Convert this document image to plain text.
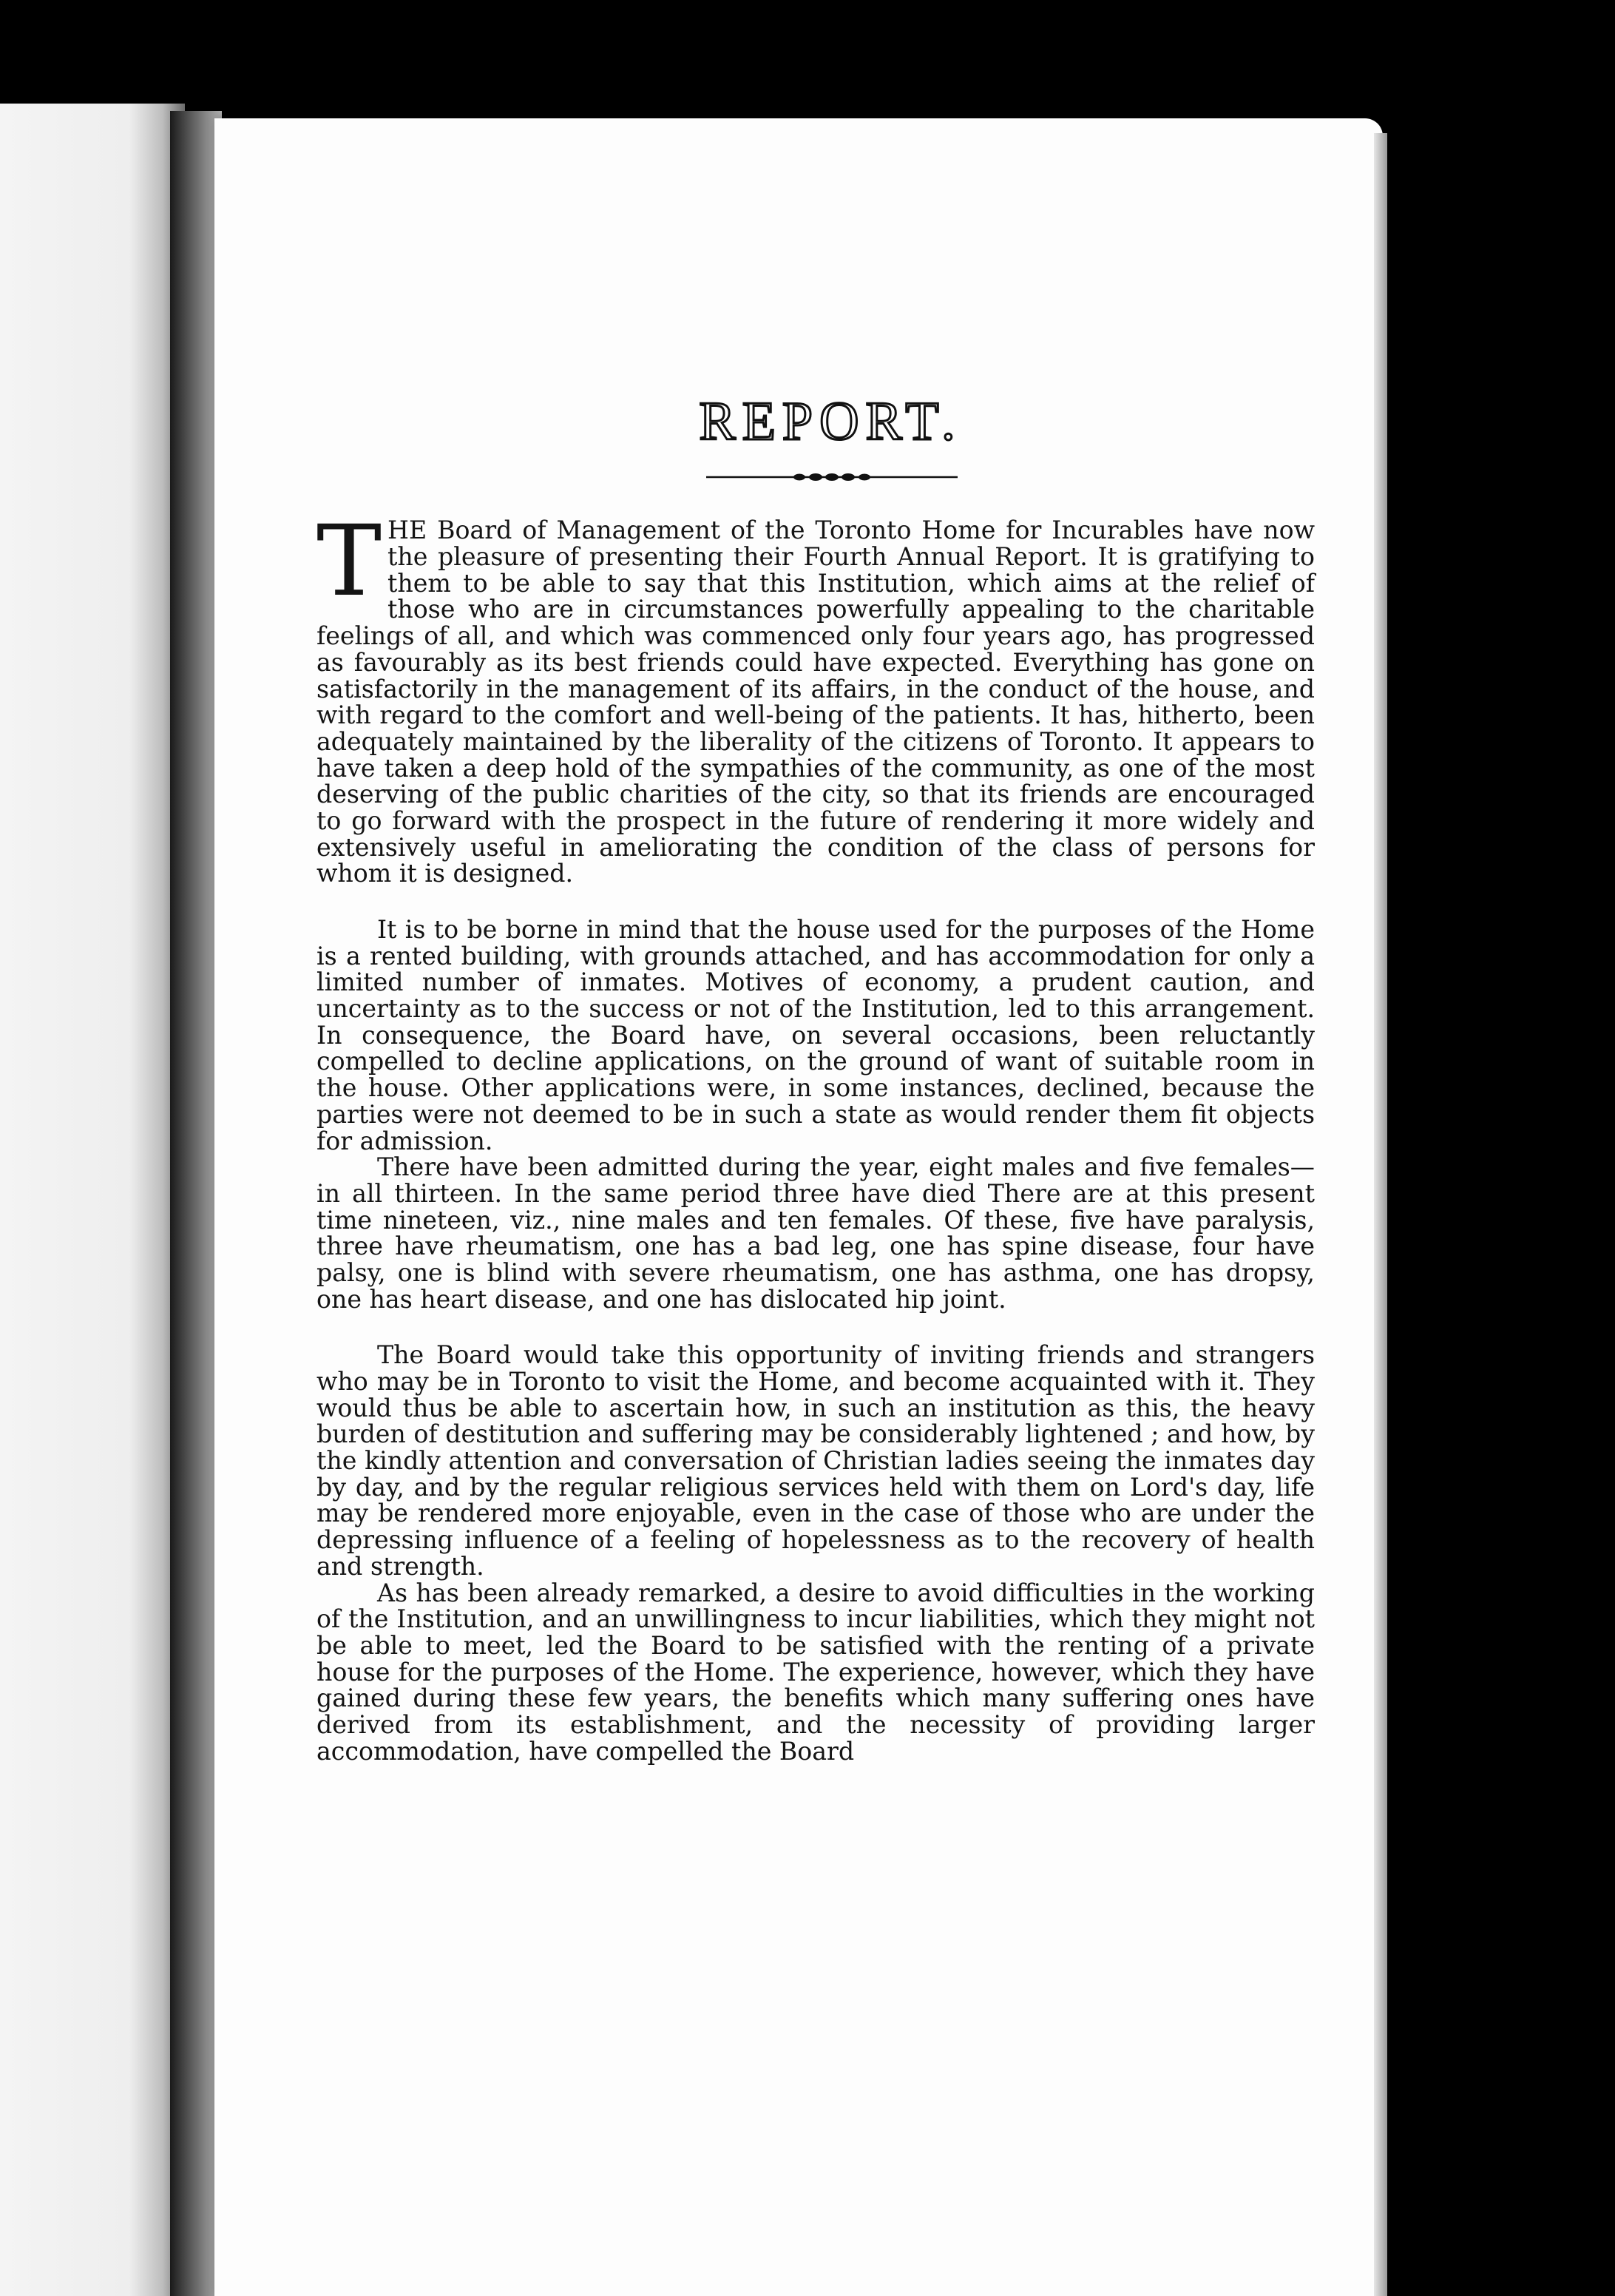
REPORT.

THE Board of Management of the Toronto Home for Incurables have now the pleasure of presenting their Fourth Annual Report. It is gratifying to them to be able to say that this Institution, which aims at the relief of those who are in circumstances powerfully appealing to the charitable feelings of all, and which was commenced only four years ago, has progressed as favourably as its best friends could have expected. Everything has gone on satisfactorily in the management of its affairs, in the conduct of the house, and with regard to the comfort and well-being of the patients. It has, hitherto, been adequately maintained by the liberality of the citizens of Toronto. It appears to have taken a deep hold of the sympathies of the community, as one of the most deserving of the public charities of the city, so that its friends are encouraged to go forward with the prospect in the future of rendering it more widely and extensively useful in ameliorating the condition of the class of persons for whom it is designed.

It is to be borne in mind that the house used for the purposes of the Home is a rented building, with grounds attached, and has accommodation for only a limited number of inmates. Motives of economy, a prudent caution, and uncertainty as to the success or not of the Institution, led to this arrangement. In consequence, the Board have, on several occasions, been reluctantly compelled to decline applications, on the ground of want of suitable room in the house. Other applications were, in some instances, declined, because the parties were not deemed to be in such a state as would render them fit objects for admission.

There have been admitted during the year, eight males and five females—in all thirteen. In the same period three have died There are at this present time nineteen, viz., nine males and ten females. Of these, five have paralysis, three have rheumatism, one has a bad leg, one has spine disease, four have palsy, one is blind with severe rheumatism, one has asthma, one has dropsy, one has heart disease, and one has dislocated hip joint.

The Board would take this opportunity of inviting friends and strangers who may be in Toronto to visit the Home, and become acquainted with it. They would thus be able to ascertain how, in such an institution as this, the heavy burden of destitution and suffering may be considerably lightened ; and how, by the kindly attention and conversation of Christian ladies seeing the inmates day by day, and by the regular religious services held with them on Lord's day, life may be rendered more enjoyable, even in the case of those who are under the depressing influence of a feeling of hopelessness as to the recovery of health and strength.

As has been already remarked, a desire to avoid difficulties in the working of the Institution, and an unwillingness to incur liabilities, which they might not be able to meet, led the Board to be satisfied with the renting of a private house for the purposes of the Home. The experience, however, which they have gained during these few years, the benefits which many suffering ones have derived from its establishment, and the necessity of providing larger accommodation, have compelled the Board
